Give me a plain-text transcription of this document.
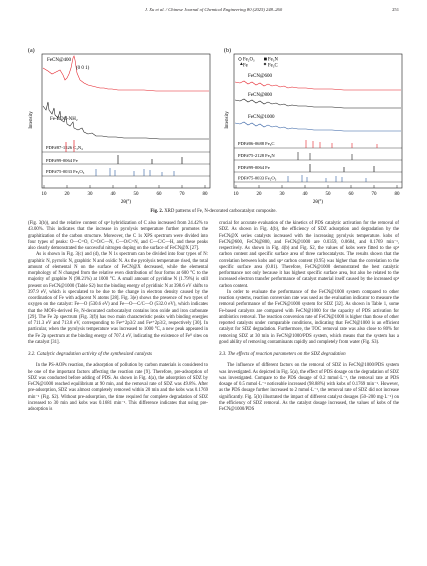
J. Xu et al. / Chinese Journal of Chemical Engineering 80 (2025) 248–260	251
(a)
Intensity
FeCN@400
(0 0 1)
Fe-BDC-NH₂
PDF#87-1526 C₃N₄
PDF#99-0064 Fe
PDF#75-0033 Fe₂O₃
10	20	30	40	50	60	70	80
2θ(°)
(b)
Intensity
Fe₂O₃	Fe₃N
Fe	Fe₃C
FeCN@600
FeCN@800
FeCN@1000
PDF#06-0688 Fe₃C
PDF#75-2128 Fe₃N
PDF#99-0064 Fe
PDF#75-0033 Fe₂O₃
10	20	30	40	50	60	70	80
2θ(°)
Fig. 2. XRD patterns of Fe, N-decorated carbocatalyst composite.

(Fig. 3(b)), and the relative content of sp² hybridization of C also increased from 24.42% to 43.00%. This indicates that the increase in pyrolysis temperature further promotes the graphitization of the carbon structure. Moreover, the C 1s XPS spectrum were divided into four types of peaks: O—C=O, C=O/C—N, C—O/C=N, and C—C/C—H, and these peaks also clearly demonstrated the successful nitrogen doping on the surface of FeCN@X [27].

As is shown in Fig. 3(c) and (d), the N 1s spectrum can be divided into four types of N: graphitic N, pyrrolic N, graphitic N and oxidic N. As the pyrolysis temperature rised, the total amount of elemental N on the surface of FeCN@X decreased, while the elemental morphology of N changed from the relative even distribution of four forms at 600 °C to the majority of graphite N (98.21%) at 1000 °C. A small amount of pyridine N (1.79%) is still present on FeCN@1000 (Table S2) but the binding energy of pyridinic N at 398.6 eV shifts to 397.9 eV, which is speculated to be due to the change in electron density caused by the coordination of Fe with adjacent N atoms [28]. Fig. 3(e) shows the presence of two types of oxygen on the catalyst: Fe—O (530.6 eV) and Fe—O—C/C—O (532.0 eV), which indicates that the MOFs-derived Fe, N-decorated carbocatalyst contains iron oxide and iron carbonate [29]. The Fe 2p spectrum (Fig. 3(f)) has two main characteristic peaks with binding energies of 711.3 eV and 713.8 eV, corresponding to Fe²⁺2p3/2 and Fe³⁺2p3/2, respectively [30]. In particular, when the pyrolysis temperature was increased to 1000 °C, a new peak appeared in the Fe 2p spectrum at the binding energy of 707.4 eV, indicating the existence of Fe⁰ sites on the catalyst [31].

3.2. Catalytic degradation activity of the synthesized catalysts

In the PS-AOPs reaction, the adsorption of pollution by carbon materials is considered to be one of the important factors affecting the reaction rate [9]. Therefore, pre-adsorption of SDZ was conducted before adding of PDS. As shown in Fig. 4(a), the adsorption of SDZ by FeCN@1000 reached equilibrium at 90 min, and the removal rate of SDZ was 49.8%. After pre-adsorption, SDZ was almost completely removed within 20 min and the kobs was 0.1769 min⁻¹ (Fig. S2). Without pre-adsorption, the time required for complete degradation of SDZ increased to 30 min and kobs was 0.1681 min⁻¹. This difference indicates that using pre-adsorption is

crucial for accurate evaluation of the kinetics of PDS catalytic activation for the removal of SDZ. As shown in Fig. 4(b), the efficiency of SDZ adsorption and degradation by the FeCN@X series catalysts increased with the increasing pyrolysis temperature. kobs of FeCN@600, FeCN@800, and FeCN@1000 are 0.0359, 0.0684, and 0.1769 min⁻¹, respectively. As shown in Fig. 4(b) and Fig. S2, the values of kobs were fitted to the sp² carbon content and specific surface area of three carbocatalysts. The results shown that the correlation between kobs and sp² carbon content (0.95) was higher than the correlation to the specific surface area (0.81). Therefore, FeCN@1000 demonstrated the best catalytic performance not only because it has highest specific surface area, but also be related to the increased electron transfer performance of catalyst material itself caused by the increased sp² carbon content.

In order to evaluate the performance of the FeCN@1000 system compared to other reaction systems, reaction conversion rate was used as the evaluation indicator to measure the removal performance of the FeCN@1000 system for SDZ [32]. As shown in Table 1, some Fe-based catalysts are compared with FeCN@1000 for the capacity of PDS activation for antibiotics removal. The reaction conversion rate of FeCN@1000 is higher than those of other reported catalysts under comparable conditions, indicating that FeCN@1000 is an efficient catalyst for SDZ degradation. Furthermore, the TOC removal rate was also close to 80% for removing SDZ at 30 min in FeCN@1000/PDS system, which means that the system has a good ability of removing contaminants rapidly and completely from water (Fig. S3).

3.3. The effects of reaction parameters on the SDZ degradation

The influence of different factors on the removal of SDZ in FeCN@1000/PDS system was investigated. As depicted in Fig. 5(a), the effect of PDS dosage on the degradation of SDZ was investigated. Compare to the PDS dosage of 0.2 mmol·L⁻¹, the removal rate at PDS dosage of 0.5 mmol·L⁻¹ noticeable increased (98.88%) with kobs of 0.1769 min⁻¹. However, as the PDS dosage further increased to 2 mmol·L⁻¹, the removal rate of SDZ did not increase significantly. Fig. 5(b) illustrated the impact of different catalyst dosages (50–200 mg·L⁻¹) on the efficiency of SDZ removal. As the catalyst dosage increased, the values of kobs of the FeCN@1000/PDS
